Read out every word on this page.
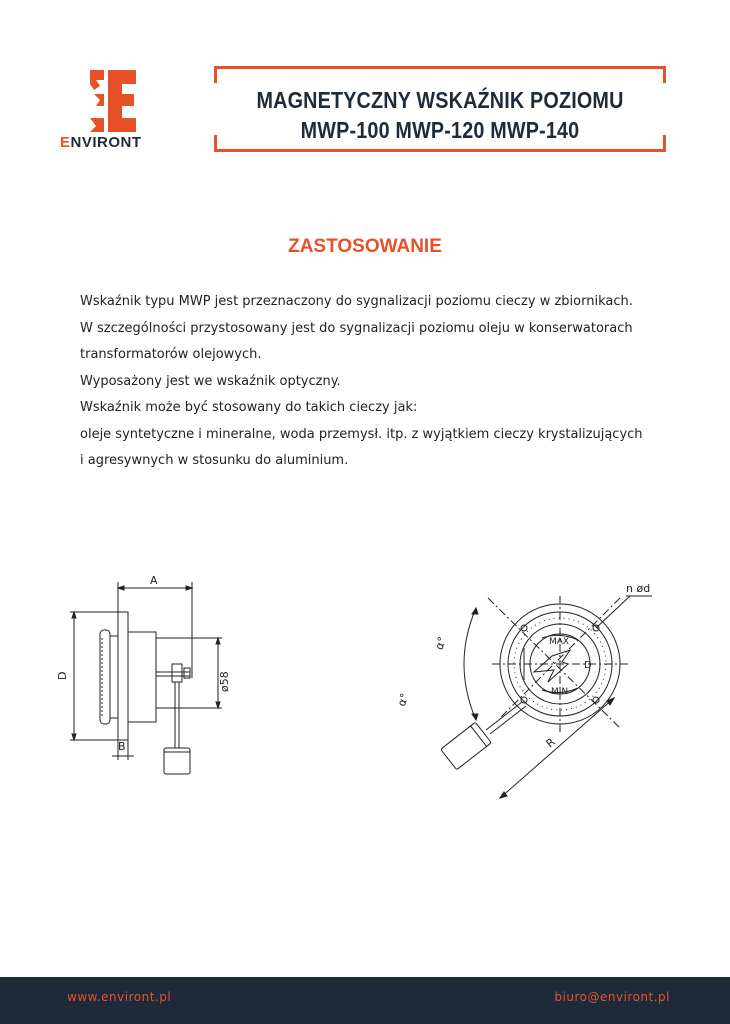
ENVIRONT
MAGNETYCZNY WSKAŹNIK POZIOMU
MWP-100 MWP-120 MWP-140
ZASTOSOWANIE

Wskaźnik typu MWP jest przeznaczony do sygnalizacji poziomu cieczy w zbiornikach.

W szczególności przystosowany jest do sygnalizacji poziomu oleju w konserwatorach

transformatorów olejowych.

Wyposażony jest we wskaźnik optyczny.

Wskaźnik może być stosowany do takich cieczy jak:

oleje syntetyczne i mineralne, woda przemysł. itp. z wyjątkiem cieczy krystalizujących

i agresywnych w stosunku do aluminium.

A
D	ø58
B
MAX
MIN
D
α°
α°
n ød
R
www.environt.pl	biuro@environt.pl
